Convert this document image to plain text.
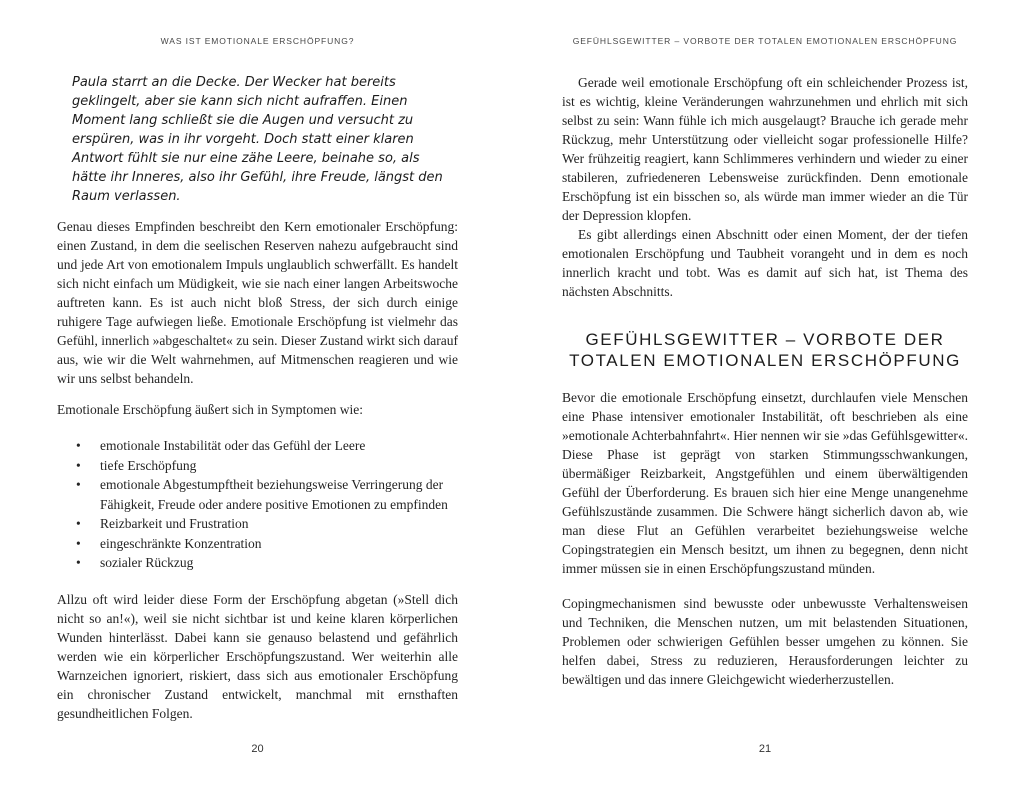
WAS IST EMOTIONALE ERSCHÖPFUNG?
Paula starrt an die Decke. Der Wecker hat bereits geklingelt, aber sie kann sich nicht aufraffen. Einen Moment lang schließt sie die Augen und versucht zu erspüren, was in ihr vorgeht. Doch statt einer klaren Antwort fühlt sie nur eine zähe Leere, beinahe so, als hätte ihr Inneres, also ihr Gefühl, ihre Freude, längst den Raum verlassen.

Genau dieses Empfinden beschreibt den Kern emotionaler Erschöpfung: einen Zustand, in dem die seelischen Reserven nahezu aufgebraucht sind und jede Art von emotionalem Impuls unglaublich schwerfällt. Es handelt sich nicht einfach um Müdigkeit, wie sie nach einer langen Arbeitswoche auftreten kann. Es ist auch nicht bloß Stress, der sich durch einige ruhigere Tage aufwiegen ließe. Emotionale Erschöpfung ist vielmehr das Gefühl, innerlich »abgeschaltet« zu sein. Dieser Zustand wirkt sich darauf aus, wie wir die Welt wahrnehmen, auf Mitmenschen reagieren und wie wir uns selbst behandeln.

Emotionale Erschöpfung äußert sich in Symptomen wie:

• emotionale Instabilität oder das Gefühl der Leere
• tiefe Erschöpfung
• emotionale Abgestumpftheit beziehungsweise Verringerung der Fähigkeit, Freude oder andere positive Emotionen zu empfinden
• Reizbarkeit und Frustration
• eingeschränkte Konzentration
• sozialer Rückzug

Allzu oft wird leider diese Form der Erschöpfung abgetan (»Stell dich nicht so an!«), weil sie nicht sichtbar ist und keine klaren körperlichen Wunden hinterlässt. Dabei kann sie genauso belastend und gefährlich werden wie ein körperlicher Erschöpfungszustand. Wer weiterhin alle Warnzeichen ignoriert, riskiert, dass sich aus emotionaler Erschöpfung ein chronischer Zustand entwickelt, manchmal mit ernsthaften gesundheitlichen Folgen.

20
GEFÜHLSGEWITTER – VORBOTE DER TOTALEN EMOTIONALEN ERSCHÖPFUNG

Gerade weil emotionale Erschöpfung oft ein schleichender Prozess ist, ist es wichtig, kleine Veränderungen wahrzunehmen und ehrlich mit sich selbst zu sein: Wann fühle ich mich ausgelaugt? Brauche ich gerade mehr Rückzug, mehr Unterstützung oder vielleicht sogar professionelle Hilfe? Wer frühzeitig reagiert, kann Schlimmeres verhindern und wieder zu einer stabileren, zufriedeneren Lebensweise zurückfinden. Denn emotionale Erschöpfung ist ein bisschen so, als würde man immer wieder an die Tür der Depression klopfen.

Es gibt allerdings einen Abschnitt oder einen Moment, der der tiefen emotionalen Erschöpfung und Taubheit vorangeht und in dem es noch innerlich kracht und tobt. Was es damit auf sich hat, ist Thema des nächsten Abschnitts.

GEFÜHLSGEWITTER – VORBOTE DER
TOTALEN EMOTIONALEN ERSCHÖPFUNG

Bevor die emotionale Erschöpfung einsetzt, durchlaufen viele Menschen eine Phase intensiver emotionaler Instabilität, oft beschrieben als eine »emotionale Achterbahnfahrt«. Hier nennen wir sie »das Gefühlsgewitter«. Diese Phase ist geprägt von starken Stimmungsschwankungen, übermäßiger Reizbarkeit, Angstgefühlen und einem überwältigenden Gefühl der Überforderung. Es brauen sich hier eine Menge unangenehme Gefühlszustände zusammen. Die Schwere hängt sicherlich davon ab, wie man diese Flut an Gefühlen verarbeitet beziehungsweise welche Copingstrategien ein Mensch besitzt, um ihnen zu begegnen, denn nicht immer müssen sie in einen Erschöpfungszustand münden.

Copingmechanismen sind bewusste oder unbewusste Verhaltensweisen und Techniken, die Menschen nutzen, um mit belastenden Situationen, Problemen oder schwierigen Gefühlen besser umgehen zu können. Sie helfen dabei, Stress zu reduzieren, Herausforderungen leichter zu bewältigen und das innere Gleichgewicht wiederherzustellen.

21
